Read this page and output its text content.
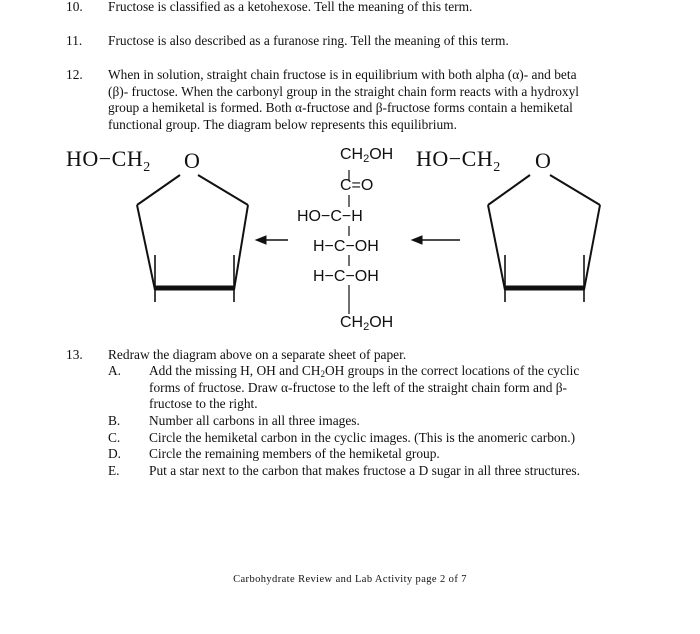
10. Fructose is classified as a ketohexose. Tell the meaning of this term.
11. Fructose is also described as a furanose ring. Tell the meaning of this term.
12. When in solution, straight chain fructose is in equilibrium with both alpha (α)- and beta
(β)- fructose. When the carbonyl group in the straight chain form reacts with a hydroxyl
group a hemiketal is formed. Both α-fructose and β-fructose forms contain a hemiketal
functional group. The diagram below represents this equilibrium.
$HO-CH_2$ O	$HO-CH_2$ O
CH2OH
C=O
HO−C−H
H−C−OH
H−C−OH
CH2OH
13. Redraw the diagram above on a separate sheet of paper.
A. Add the missing H, OH and $CH_2OH$ groups in the correct locations of the cyclic
forms of fructose. Draw α-fructose to the left of the straight chain form and β-
fructose to the right.
B. Number all carbons in all three images.
C. Circle the hemiketal carbon in the cyclic images. (This is the anomeric carbon.)
D. Circle the remaining members of the hemiketal group.
E. Put a star next to the carbon that makes fructose a D sugar in all three structures.
Carbohydrate Review and Lab Activity page 2 of 7
